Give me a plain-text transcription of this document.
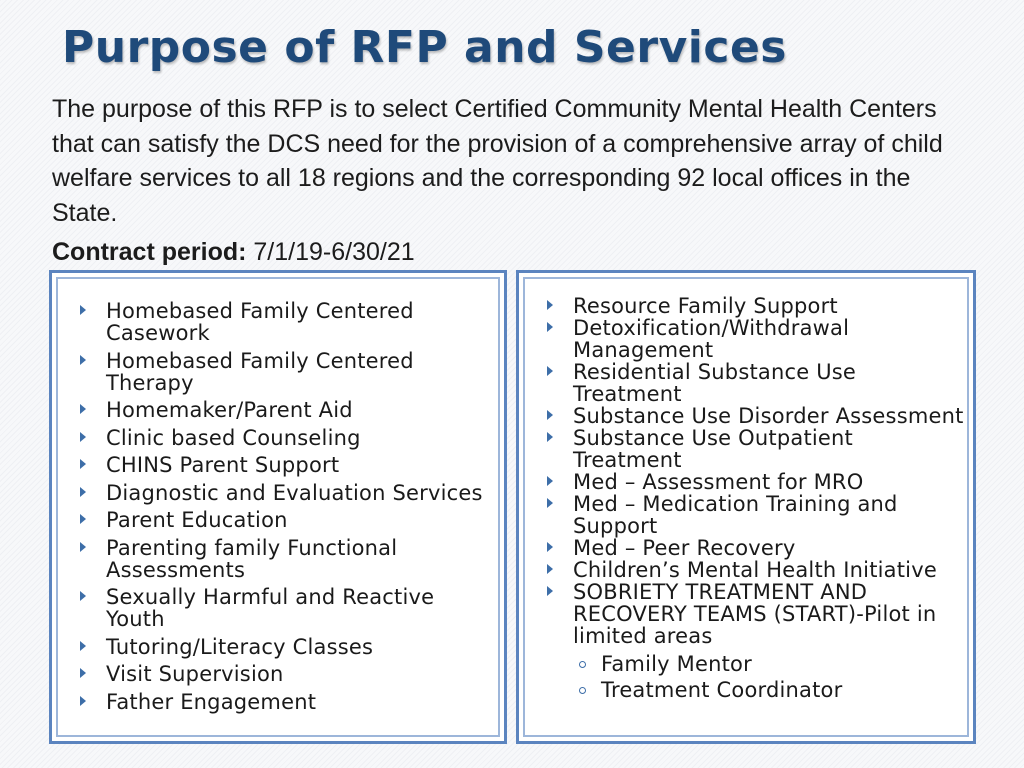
Purpose of RFP and Services

The purpose of this RFP is to select Certified Community Mental Health Centers that can satisfy the DCS need for the provision of a comprehensive array of child welfare services to all 18 regions and the corresponding 92 local offices in the State.

Contract period: 7/1/19-6/30/21

Homebased Family Centered Casework
Homebased Family Centered Therapy
Homemaker/Parent Aid
Clinic based Counseling
CHINS Parent Support
Diagnostic and Evaluation Services
Parent Education
Parenting family Functional Assessments
Sexually Harmful and Reactive Youth
Tutoring/Literacy Classes
Visit Supervision
Father Engagement
Resource Family Support
Detoxification/Withdrawal Management
Residential Substance Use Treatment
Substance Use Disorder Assessment
Substance Use Outpatient Treatment
Med – Assessment for MRO
Med – Medication Training and Support
Med – Peer Recovery
Children’s Mental Health Initiative
SOBRIETY TREATMENT AND RECOVERY TEAMS (START)-Pilot in limited areas
Family Mentor
Treatment Coordinator
